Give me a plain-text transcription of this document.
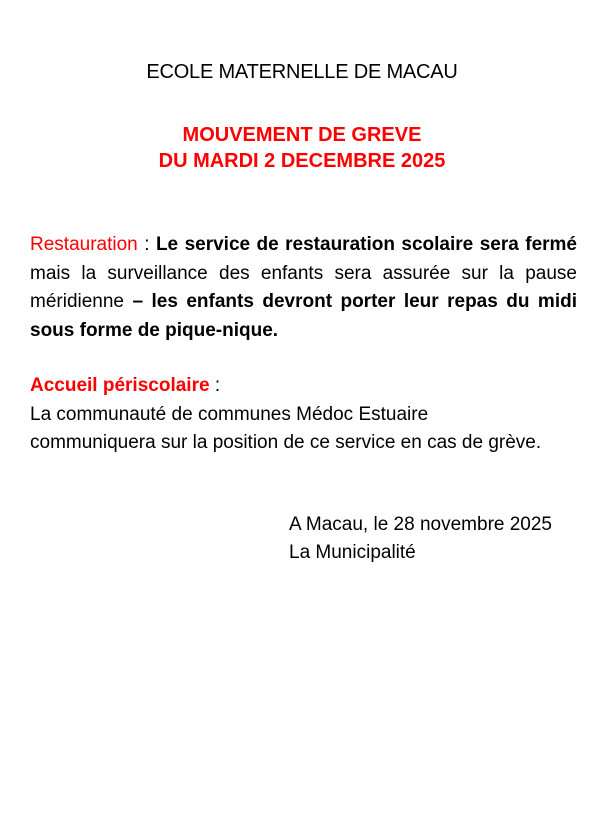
ECOLE MATERNELLE DE MACAU
MOUVEMENT DE GREVE
DU MARDI 2 DECEMBRE 2025
Restauration : Le service de restauration scolaire sera fermé mais la surveillance des enfants sera assurée sur la pause méridienne – les enfants devront porter leur repas du midi sous forme de pique-nique.
Accueil périscolaire :
La communauté de communes Médoc Estuaire
communiquera sur la position de ce service en cas de grève.
A Macau, le 28 novembre 2025
La Municipalité
